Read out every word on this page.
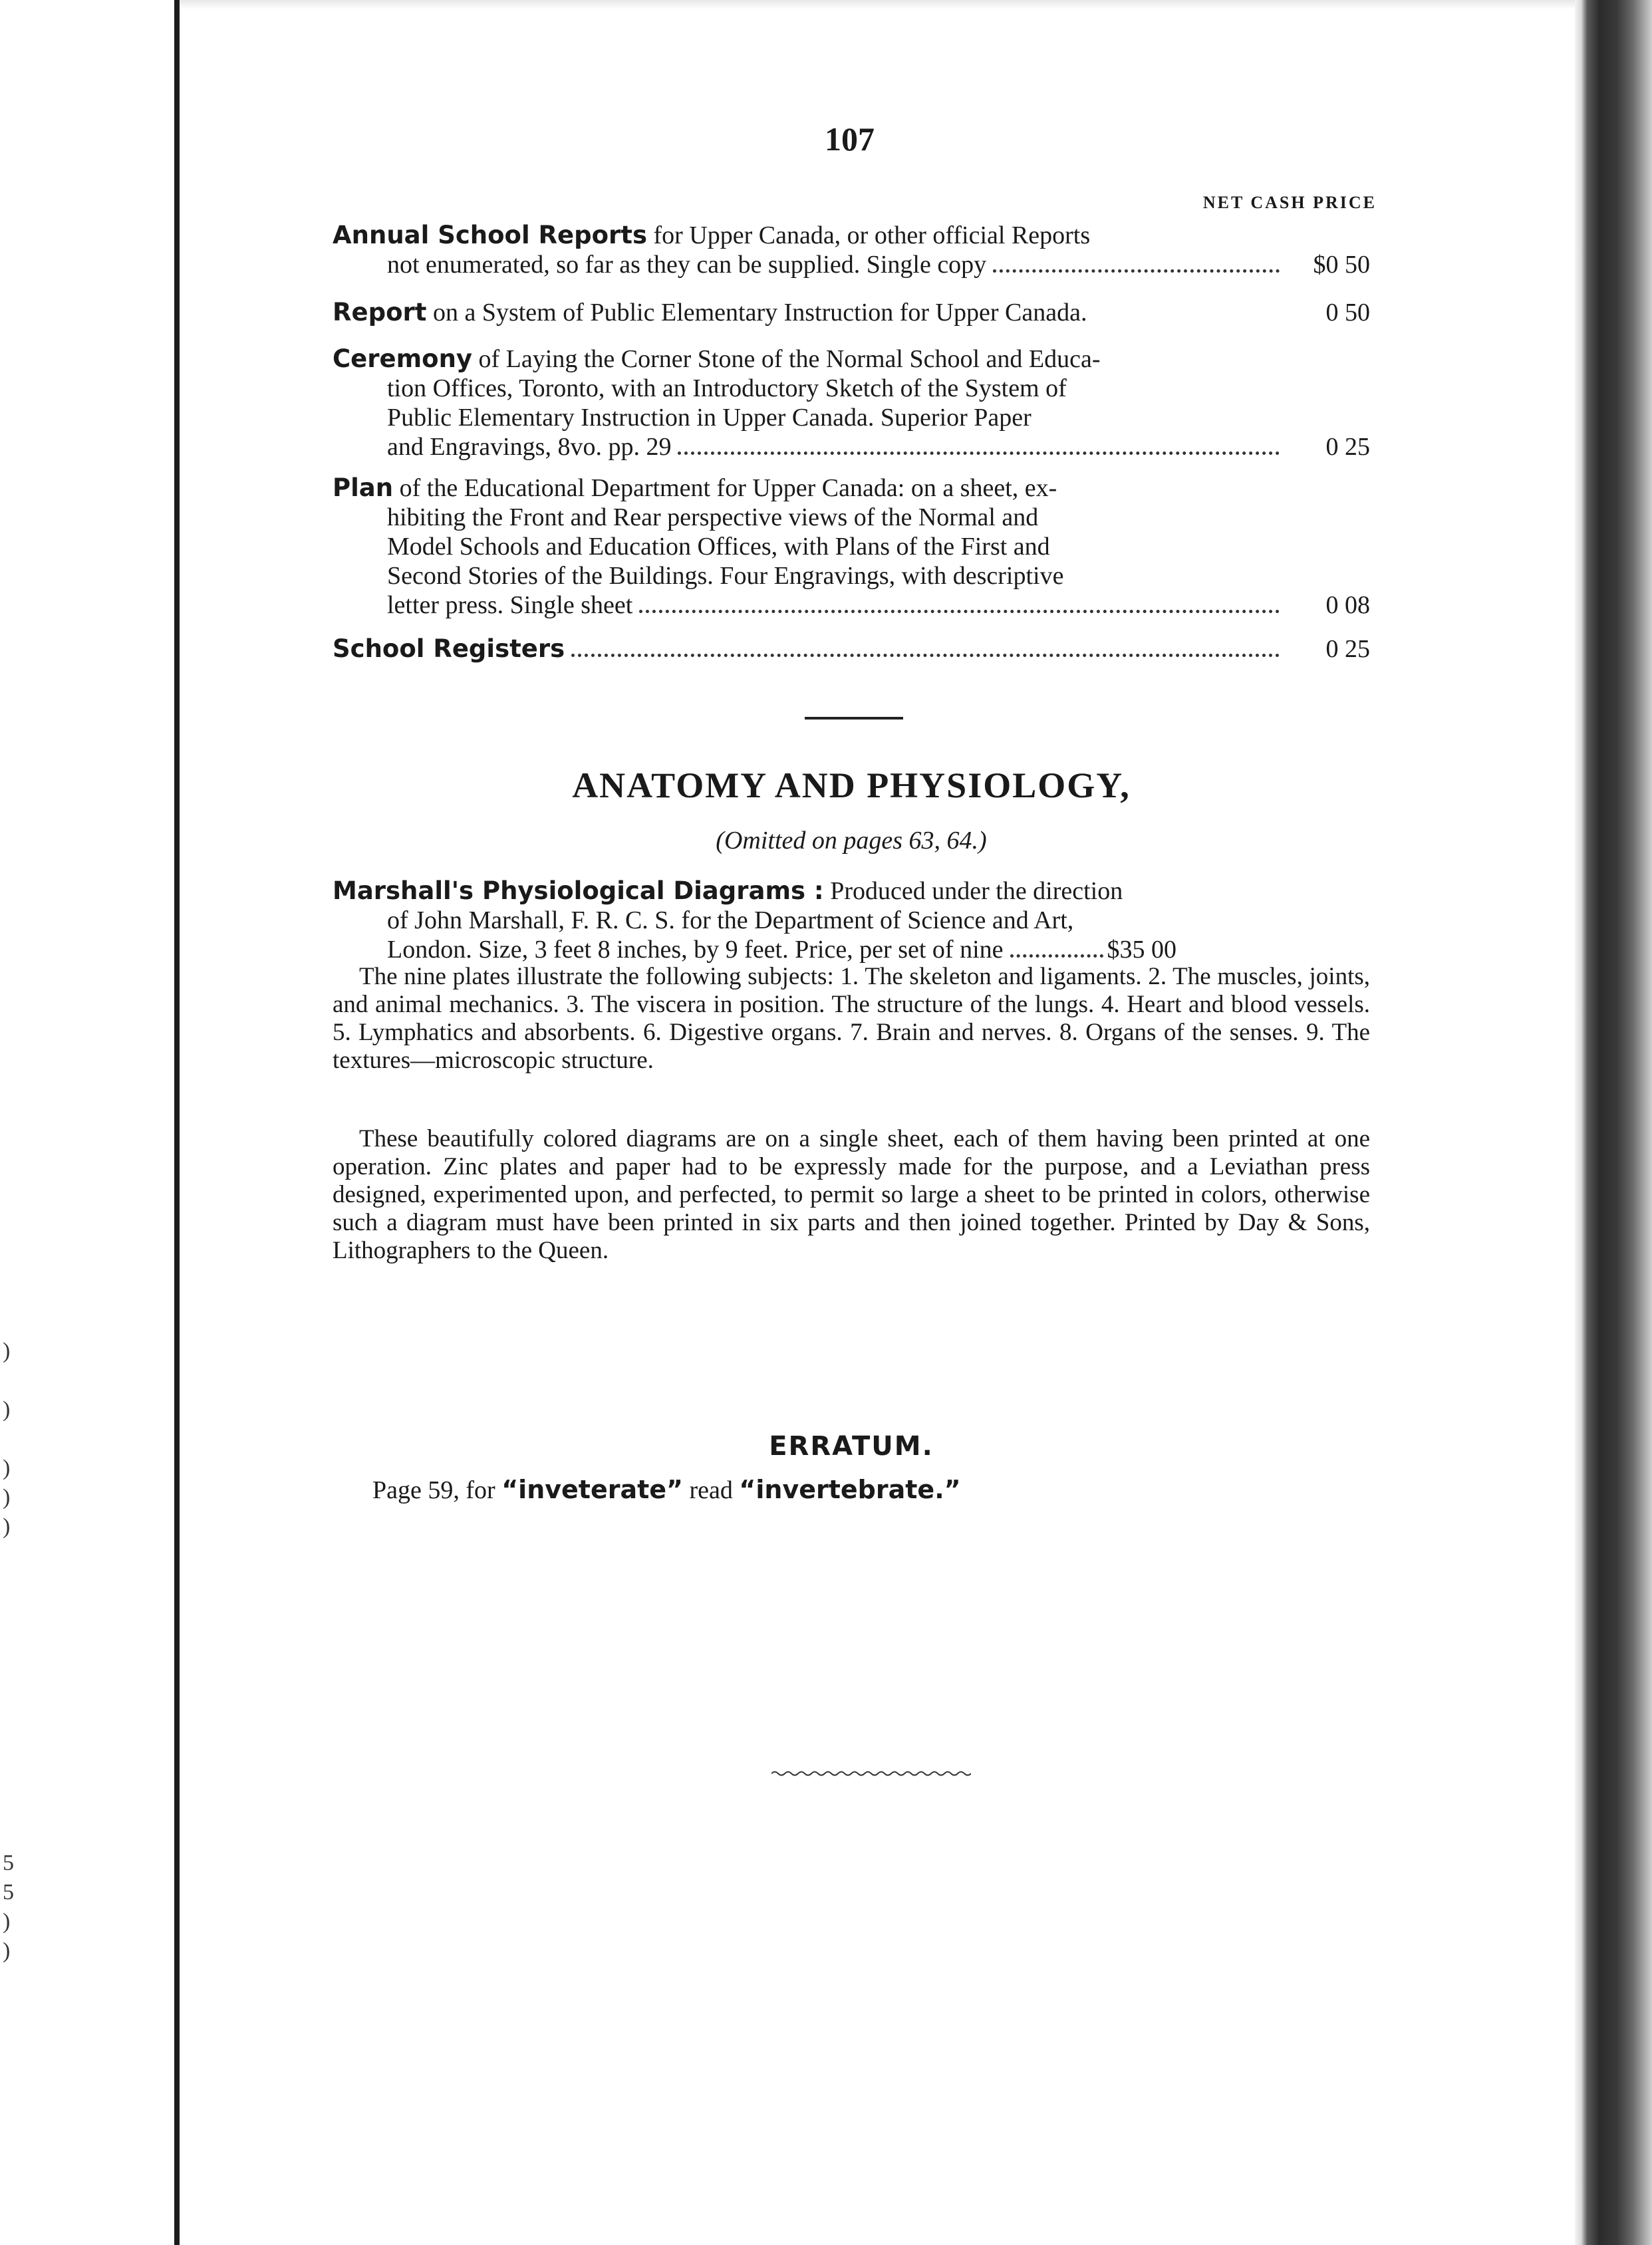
)

)

)
)
)
5
5
)
)
107
NET CASH PRICE
Annual School Reports for Upper Canada, or other official Reports
not enumerated, so far as they can be supplied. Single copy	$0 50
Report on a System of Public Elementary Instruction for Upper Canada.	0 50
Ceremony of Laying the Corner Stone of the Normal School and Educa-
tion Offices, Toronto, with an Introductory Sketch of the System of
Public Elementary Instruction in Upper Canada. Superior Paper
and Engravings, 8vo. pp. 29	0 25
Plan of the Educational Department for Upper Canada: on a sheet, ex-
hibiting the Front and Rear perspective views of the Normal and
Model Schools and Education Offices, with Plans of the First and
Second Stories of the Buildings. Four Engravings, with descriptive
letter press. Single sheet	0 08
School Registers	0 25
ANATOMY AND PHYSIOLOGY,
(Omitted on pages 63, 64.)
Marshall's Physiological Diagrams : Produced under the direction
of John Marshall, F. R. C. S. for the Department of Science and Art,
London. Size, 3 feet 8 inches, by 9 feet. Price, per set of nine	$35 00

The nine plates illustrate the following subjects: 1. The skeleton and ligaments. 2. The muscles, joints, and animal mechanics. 3. The viscera in position. The structure of the lungs. 4. Heart and blood vessels. 5. Lymphatics and absorbents. 6. Digestive organs. 7. Brain and nerves. 8. Organs of the senses. 9. The textures—microscopic structure.

These beautifully colored diagrams are on a single sheet, each of them having been printed at one operation. Zinc plates and paper had to be expressly made for the purpose, and a Leviathan press designed, experimented upon, and perfected, to permit so large a sheet to be printed in colors, otherwise such a diagram must have been printed in six parts and then joined together. Printed by Day & Sons, Lithographers to the Queen.

ERRATUM.
Page 59, for “inveterate” read “invertebrate.”
